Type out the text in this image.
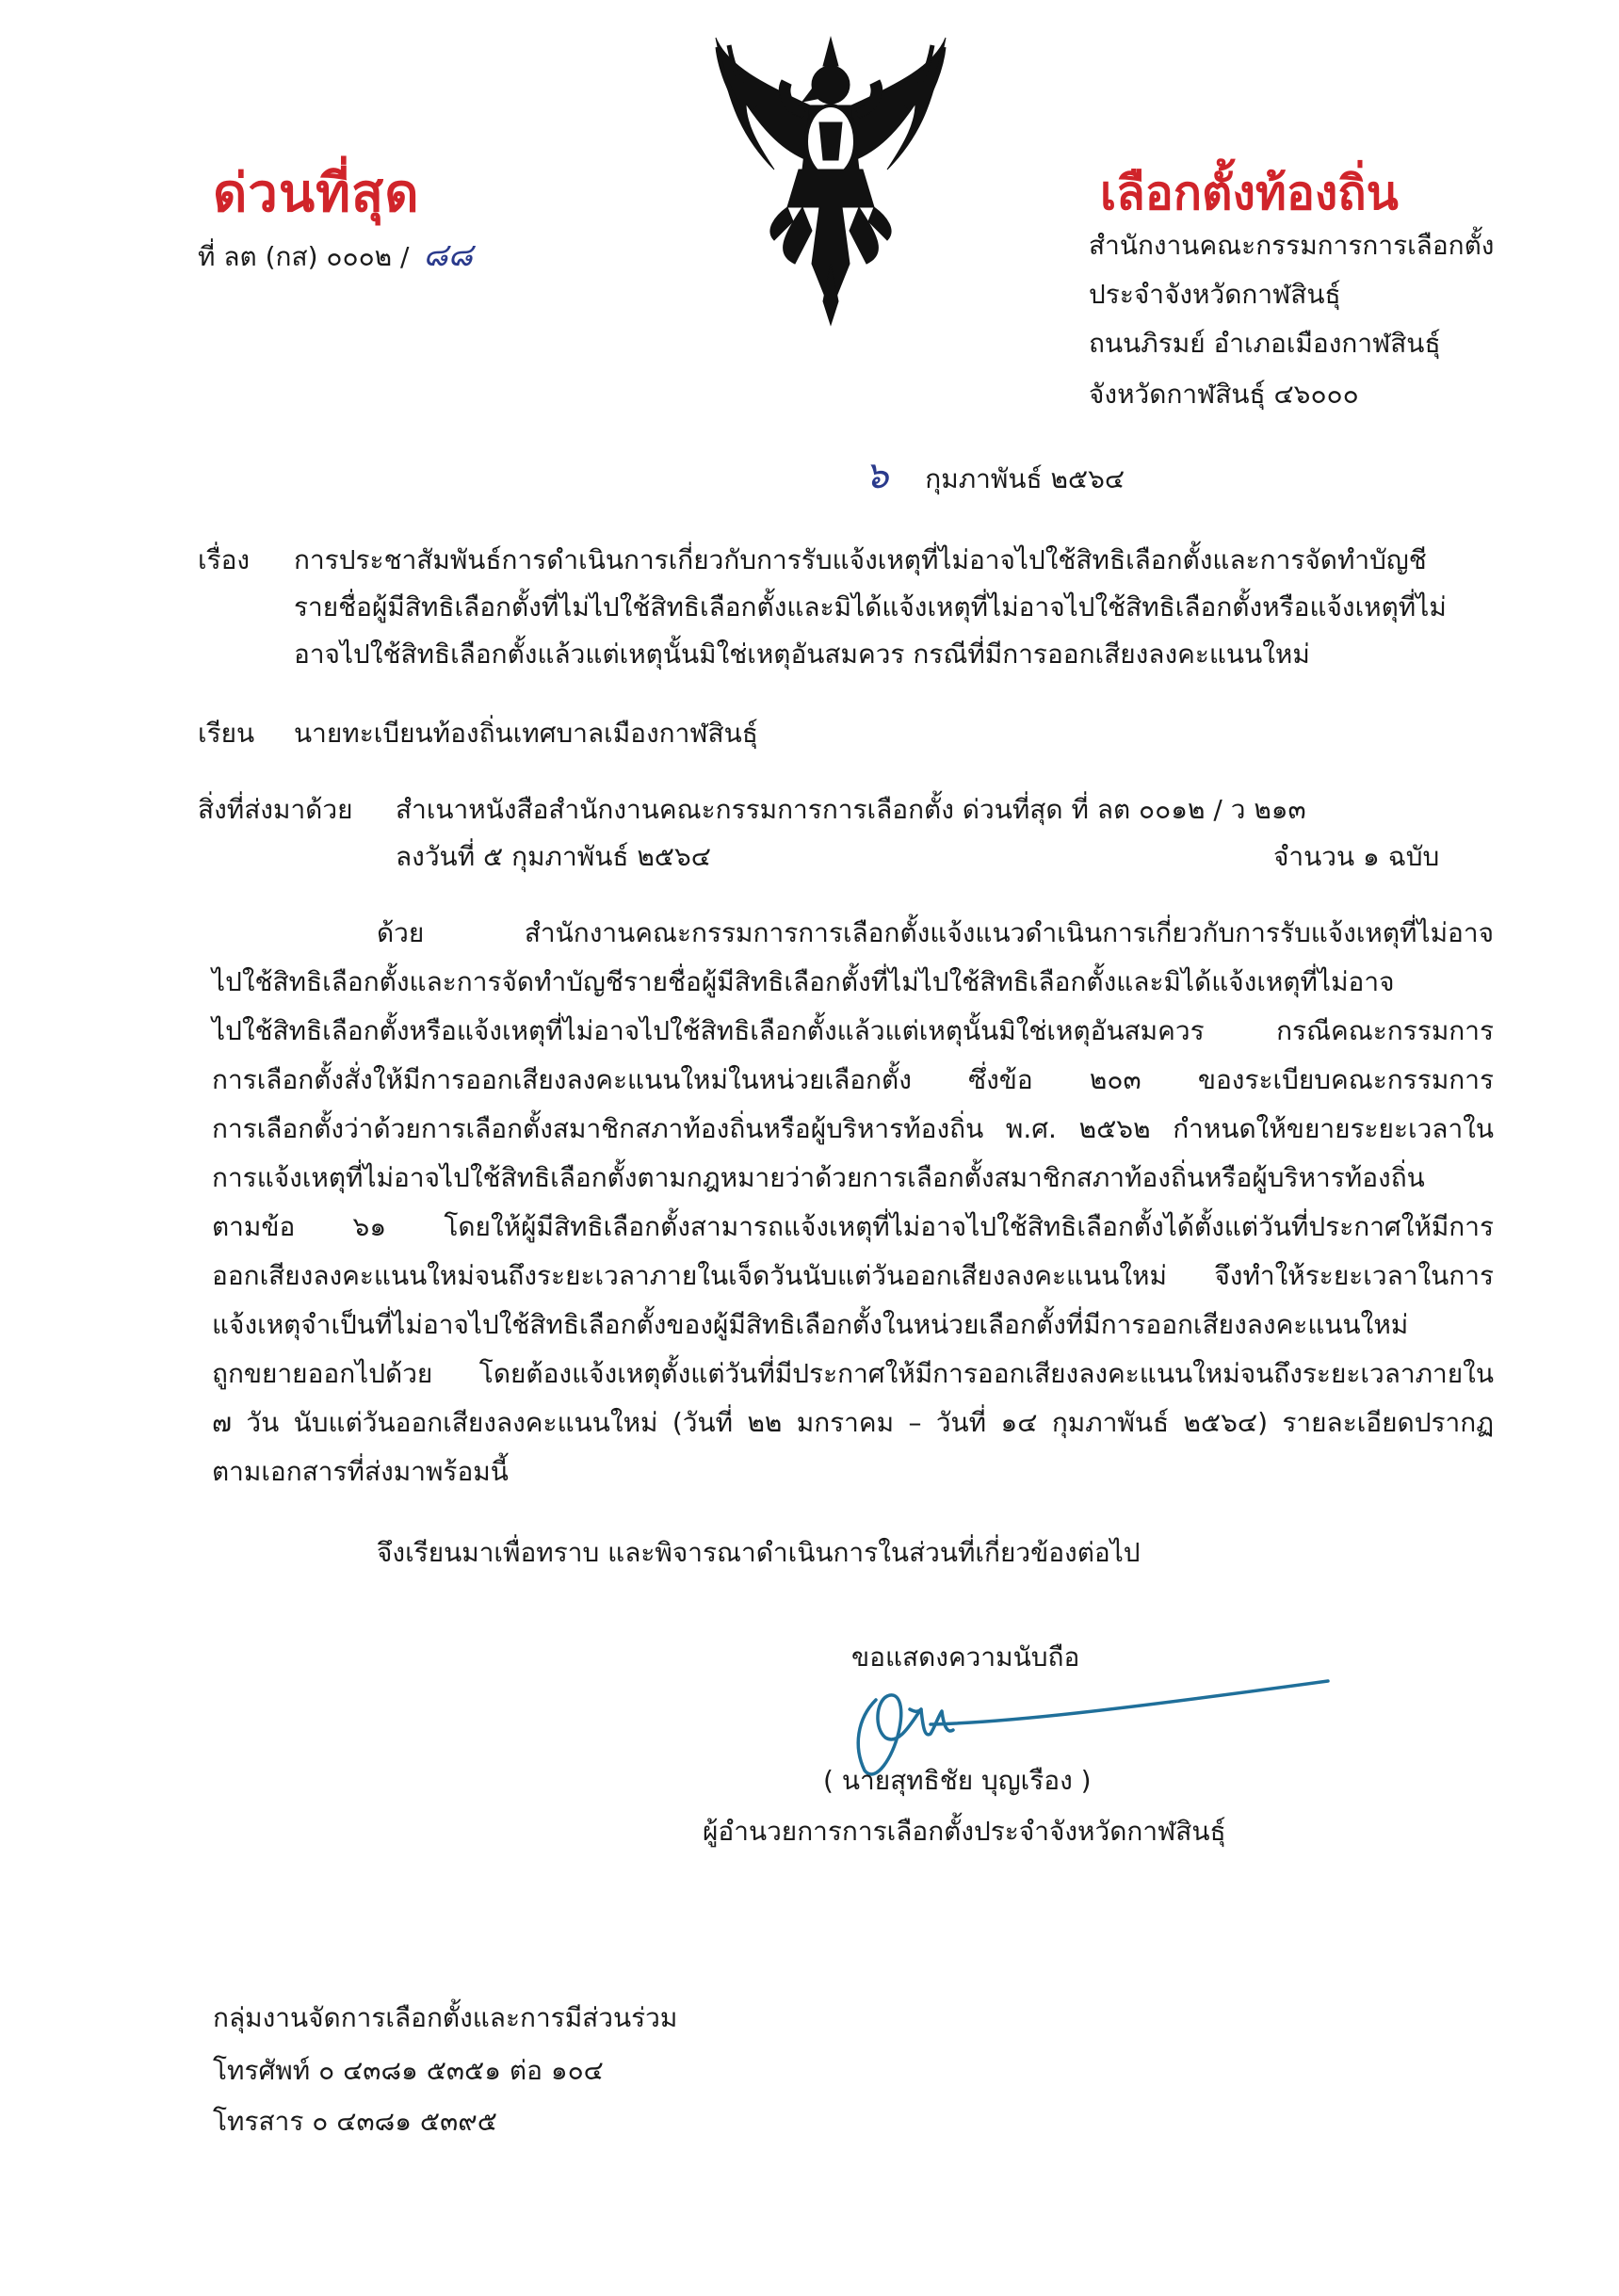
ด่วนที่สุด
ที่ ลต (กส) ๐๐๐๒ / ๘๘
เลือกตั้งท้องถิ่น
สำนักงานคณะกรรมการการเลือกตั้ง
ประจำจังหวัดกาฬสินธุ์
ถนนภิรมย์ อำเภอเมืองกาฬสินธุ์
จังหวัดกาฬสินธุ์ ๔๖๐๐๐
๖ กุมภาพันธ์ ๒๕๖๔
เรื่อง การประชาสัมพันธ์การดำเนินการเกี่ยวกับการรับแจ้งเหตุที่ไม่อาจไปใช้สิทธิเลือกตั้งและการจัดทำบัญชี
รายชื่อผู้มีสิทธิเลือกตั้งที่ไม่ไปใช้สิทธิเลือกตั้งและมิได้แจ้งเหตุที่ไม่อาจไปใช้สิทธิเลือกตั้งหรือแจ้งเหตุที่ไม่
อาจไปใช้สิทธิเลือกตั้งแล้วแต่เหตุนั้นมิใช่เหตุอันสมควร กรณีที่มีการออกเสียงลงคะแนนใหม่
เรียน นายทะเบียนท้องถิ่นเทศบาลเมืองกาฬสินธุ์
สิ่งที่ส่งมาด้วย สำเนาหนังสือสำนักงานคณะกรรมการการเลือกตั้ง ด่วนที่สุด ที่ ลต ๐๐๑๒ / ว ๒๑๓
ลงวันที่ ๕ กุมภาพันธ์ ๒๕๖๔	จำนวน ๑ ฉบับ
ด้วย สำนักงานคณะกรรมการการเลือกตั้งแจ้งแนวดำเนินการเกี่ยวกับการรับแจ้งเหตุที่ไม่อาจ
ไปใช้สิทธิเลือกตั้งและการจัดทำบัญชีรายชื่อผู้มีสิทธิเลือกตั้งที่ไม่ไปใช้สิทธิเลือกตั้งและมิได้แจ้งเหตุที่ไม่อาจ
ไปใช้สิทธิเลือกตั้งหรือแจ้งเหตุที่ไม่อาจไปใช้สิทธิเลือกตั้งแล้วแต่เหตุนั้นมิใช่เหตุอันสมควร กรณีคณะกรรมการ
การเลือกตั้งสั่งให้มีการออกเสียงลงคะแนนใหม่ในหน่วยเลือกตั้ง ซึ่งข้อ ๒๐๓ ของระเบียบคณะกรรมการ
การเลือกตั้งว่าด้วยการเลือกตั้งสมาชิกสภาท้องถิ่นหรือผู้บริหารท้องถิ่น พ.ศ. ๒๕๖๒ กำหนดให้ขยายระยะเวลาใน
การแจ้งเหตุที่ไม่อาจไปใช้สิทธิเลือกตั้งตามกฎหมายว่าด้วยการเลือกตั้งสมาชิกสภาท้องถิ่นหรือผู้บริหารท้องถิ่น
ตามข้อ ๖๑ โดยให้ผู้มีสิทธิเลือกตั้งสามารถแจ้งเหตุที่ไม่อาจไปใช้สิทธิเลือกตั้งได้ตั้งแต่วันที่ประกาศให้มีการ
ออกเสียงลงคะแนนใหม่จนถึงระยะเวลาภายในเจ็ดวันนับแต่วันออกเสียงลงคะแนนใหม่ จึงทำให้ระยะเวลาในการ
แจ้งเหตุจำเป็นที่ไม่อาจไปใช้สิทธิเลือกตั้งของผู้มีสิทธิเลือกตั้งในหน่วยเลือกตั้งที่มีการออกเสียงลงคะแนนใหม่
ถูกขยายออกไปด้วย โดยต้องแจ้งเหตุตั้งแต่วันที่มีประกาศให้มีการออกเสียงลงคะแนนใหม่จนถึงระยะเวลาภายใน
๗ วัน นับแต่วันออกเสียงลงคะแนนใหม่ (วันที่ ๒๒ มกราคม – วันที่ ๑๔ กุมภาพันธ์ ๒๕๖๔) รายละเอียดปรากฏ
ตามเอกสารที่ส่งมาพร้อมนี้
จึงเรียนมาเพื่อทราบ และพิจารณาดำเนินการในส่วนที่เกี่ยวข้องต่อไป
ขอแสดงความนับถือ
( นายสุทธิชัย บุญเรือง )
ผู้อำนวยการการเลือกตั้งประจำจังหวัดกาฬสินธุ์
กลุ่มงานจัดการเลือกตั้งและการมีส่วนร่วม
โทรศัพท์ ๐ ๔๓๘๑ ๕๓๕๑ ต่อ ๑๐๔
โทรสาร ๐ ๔๓๘๑ ๕๓๙๕
